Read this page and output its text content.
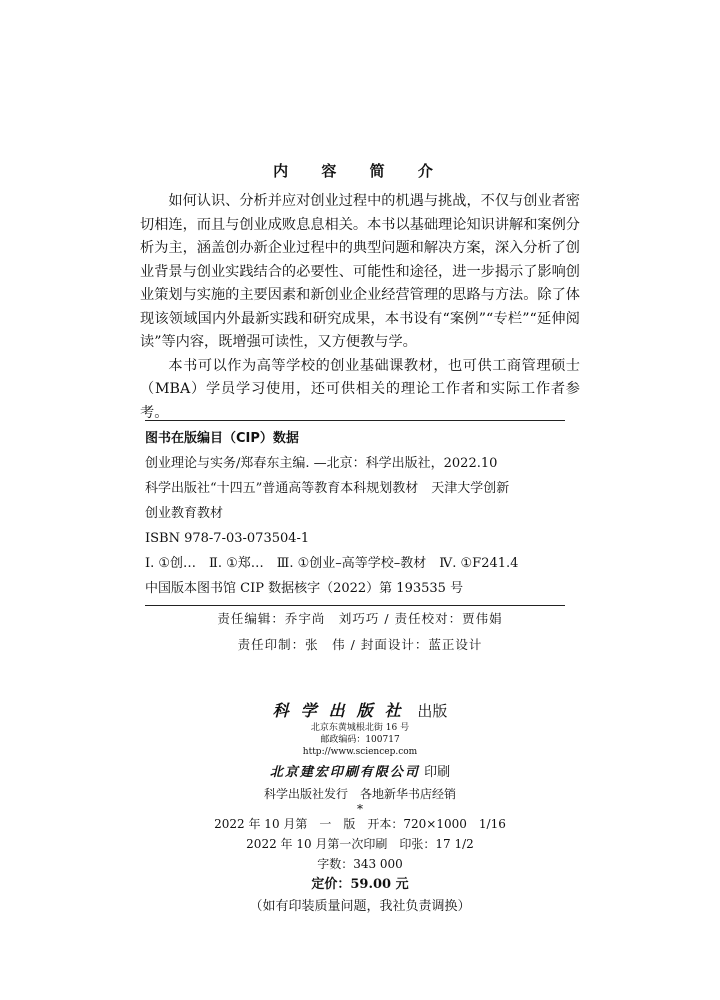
内 容 简 介

如何认识、分析并应对创业过程中的机遇与挑战，不仅与创业者密切相连，而且与创业成败息息相关。本书以基础理论知识讲解和案例分析为主，涵盖创办新企业过程中的典型问题和解决方案，深入分析了创业背景与创业实践结合的必要性、可能性和途径，进一步揭示了影响创业策划与实施的主要因素和新创业企业经营管理的思路与方法。除了体现该领域国内外最新实践和研究成果，本书设有“案例”“专栏”“延伸阅读”等内容，既增强可读性，又方便教与学。

本书可以作为高等学校的创业基础课教材，也可供工商管理硕士（MBA）学员学习使用，还可供相关的理论工作者和实际工作者参考。

图书在版编目（CIP）数据
创业理论与实务/郑春东主编. —北京：科学出版社，2022.10
科学出版社“十四五”普通高等教育本科规划教材　天津大学创新
创业教育教材
ISBN 978-7-03-073504-1
Ⅰ. ①创…　Ⅱ. ①郑…　Ⅲ. ①创业–高等学校–教材　Ⅳ. ①F241.4
中国版本图书馆 CIP 数据核字（2022）第 193535 号
责任编辑：乔宇尚　刘巧巧 / 责任校对：贾伟娟
责任印制：张　伟 / 封面设计：蓝正设计
科学出版社 出版
北京东黄城根北街 16 号
邮政编码：100717
http://www.sciencep.com
北京建宏印刷有限公司 印刷
科学出版社发行　各地新华书店经销
*
2022 年 10 月第　一　版　开本：720×1000　1/16
2022 年 10 月第一次印刷　印张：17 1/2
字数：343 000
定价：59.00 元
（如有印装质量问题，我社负责调换）
